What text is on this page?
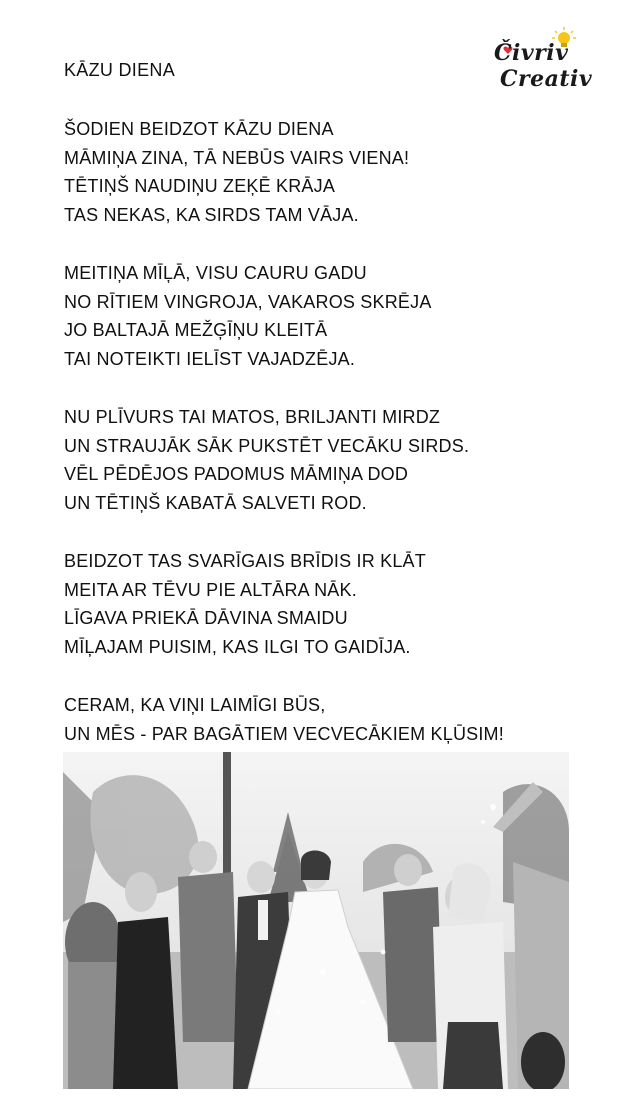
KĀZU DIENA
Čivriv
Creativ
ŠODIEN BEIDZOT KĀZU DIENA
MĀMIŅA ZINA, TĀ NEBŪS VAIRS VIENA!
TĒTIŅŠ NAUDIŅU ZEĶĒ KRĀJA
TAS NEKAS, KA SIRDS TAM VĀJA.
MEITIŅA MĪĻĀ, VISU CAURU GADU
NO RĪTIEM VINGROJA, VAKAROS SKRĒJA
JO BALTAJĀ MEŽĢĪŅU KLEITĀ
TAI NOTEIKTI IELĪST VAJADZĒJA.
NU PLĪVURS TAI MATOS, BRILJANTI MIRDZ
UN STRAUJĀK SĀK PUKSTĒT VECĀKU SIRDS.
VĒL PĒDĒJOS PADOMUS MĀMIŅA DOD
UN TĒTIŅŠ KABATĀ SALVETI ROD.
BEIDZOT TAS SVARĪGAIS BRĪDIS IR KLĀT
MEITA AR TĒVU PIE ALTĀRA NĀK.
LĪGAVA PRIEKĀ DĀVINA SMAIDU
MĪĻAJAM PUISIM, KAS ILGI TO GAIDĪJA.
CERAM, KA VIŅI LAIMĪGI BŪS,
UN MĒS - PAR BAGĀTIEM VECVECĀKIEM KĻŪSIM!
